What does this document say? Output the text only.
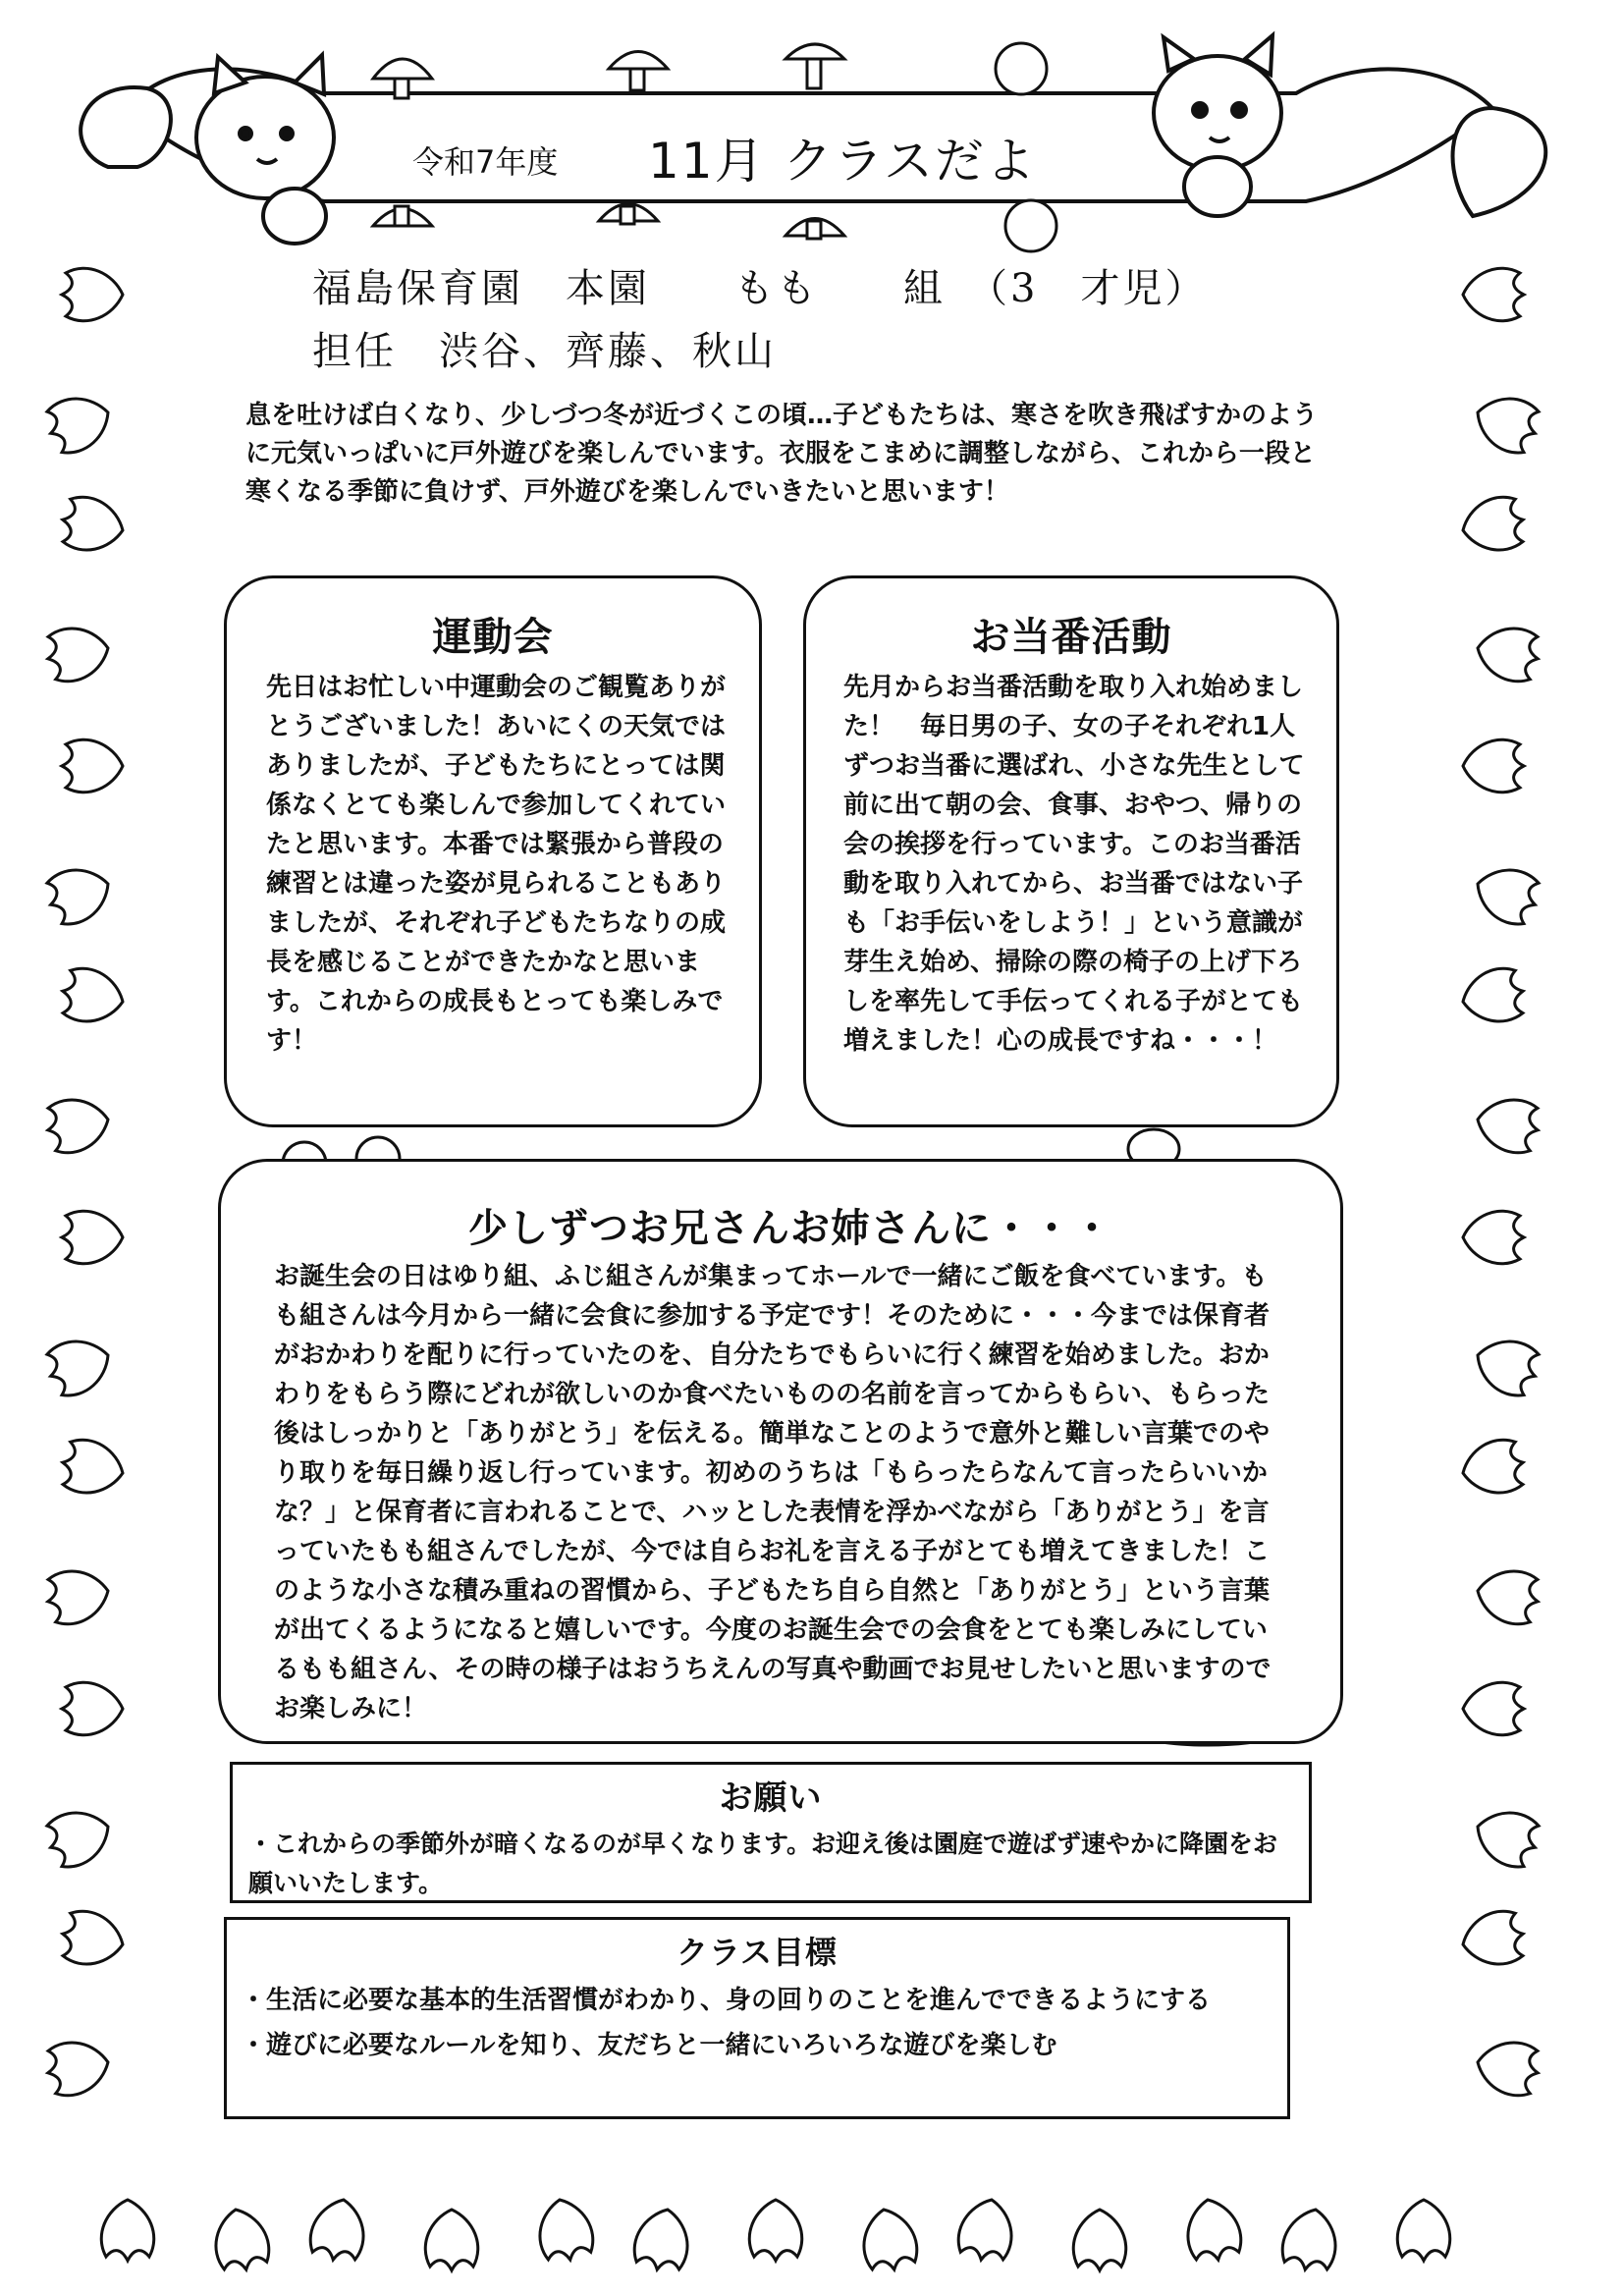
令和7年度 11月 クラスだよ
福島保育園　本園　　もも　　組　（3　才児）
担任　渋谷、齊藤、秋山
息を吐けば白くなり、少しづつ冬が近づくこの頃…子どもたちは、寒さを吹き飛ばすかのように元気いっぱいに戸外遊びを楽しんでいます。衣服をこまめに調整しながら、これから一段と寒くなる季節に負けず、戸外遊びを楽しんでいきたいと思います！
運動会
先日はお忙しい中運動会のご観覧ありがとうございました！あいにくの天気ではありましたが、子どもたちにとっては関係なくとても楽しんで参加してくれていたと思います。本番では緊張から普段の練習とは違った姿が見られることもありましたが、それぞれ子どもたちなりの成長を感じることができたかなと思います。これからの成長もとっても楽しみです！
お当番活動
先月からお当番活動を取り入れ始めました！　毎日男の子、女の子それぞれ1人ずつお当番に選ばれ、小さな先生として前に出て朝の会、食事、おやつ、帰りの会の挨拶を行っています。このお当番活動を取り入れてから、お当番ではない子も「お手伝いをしよう！」という意識が芽生え始め、掃除の際の椅子の上げ下ろしを率先して手伝ってくれる子がとても増えました！心の成長ですね・・・！
少しずつお兄さんお姉さんに・・・
お誕生会の日はゆり組、ふじ組さんが集まってホールで一緒にご飯を食べています。もも組さんは今月から一緒に会食に参加する予定です！そのために・・・今までは保育者がおかわりを配りに行っていたのを、自分たちでもらいに行く練習を始めました。おかわりをもらう際にどれが欲しいのか食べたいものの名前を言ってからもらい、もらった後はしっかりと「ありがとう」を伝える。簡単なことのようで意外と難しい言葉でのやり取りを毎日繰り返し行っています。初めのうちは「もらったらなんて言ったらいいかな？」と保育者に言われることで、ハッとした表情を浮かべながら「ありがとう」を言っていたもも組さんでしたが、今では自らお礼を言える子がとても増えてきました！このような小さな積み重ねの習慣から、子どもたち自ら自然と「ありがとう」という言葉が出てくるようになると嬉しいです。今度のお誕生会での会食をとても楽しみにしているもも組さん、その時の様子はおうちえんの写真や動画でお見せしたいと思いますのでお楽しみに！
お願い
・これからの季節外が暗くなるのが早くなります。お迎え後は園庭で遊ばず速やかに降園をお願いいたします。
クラス目標
・生活に必要な基本的生活習慣がわかり、身の回りのことを進んでできるようにする
・遊びに必要なルールを知り、友だちと一緒にいろいろな遊びを楽しむ
